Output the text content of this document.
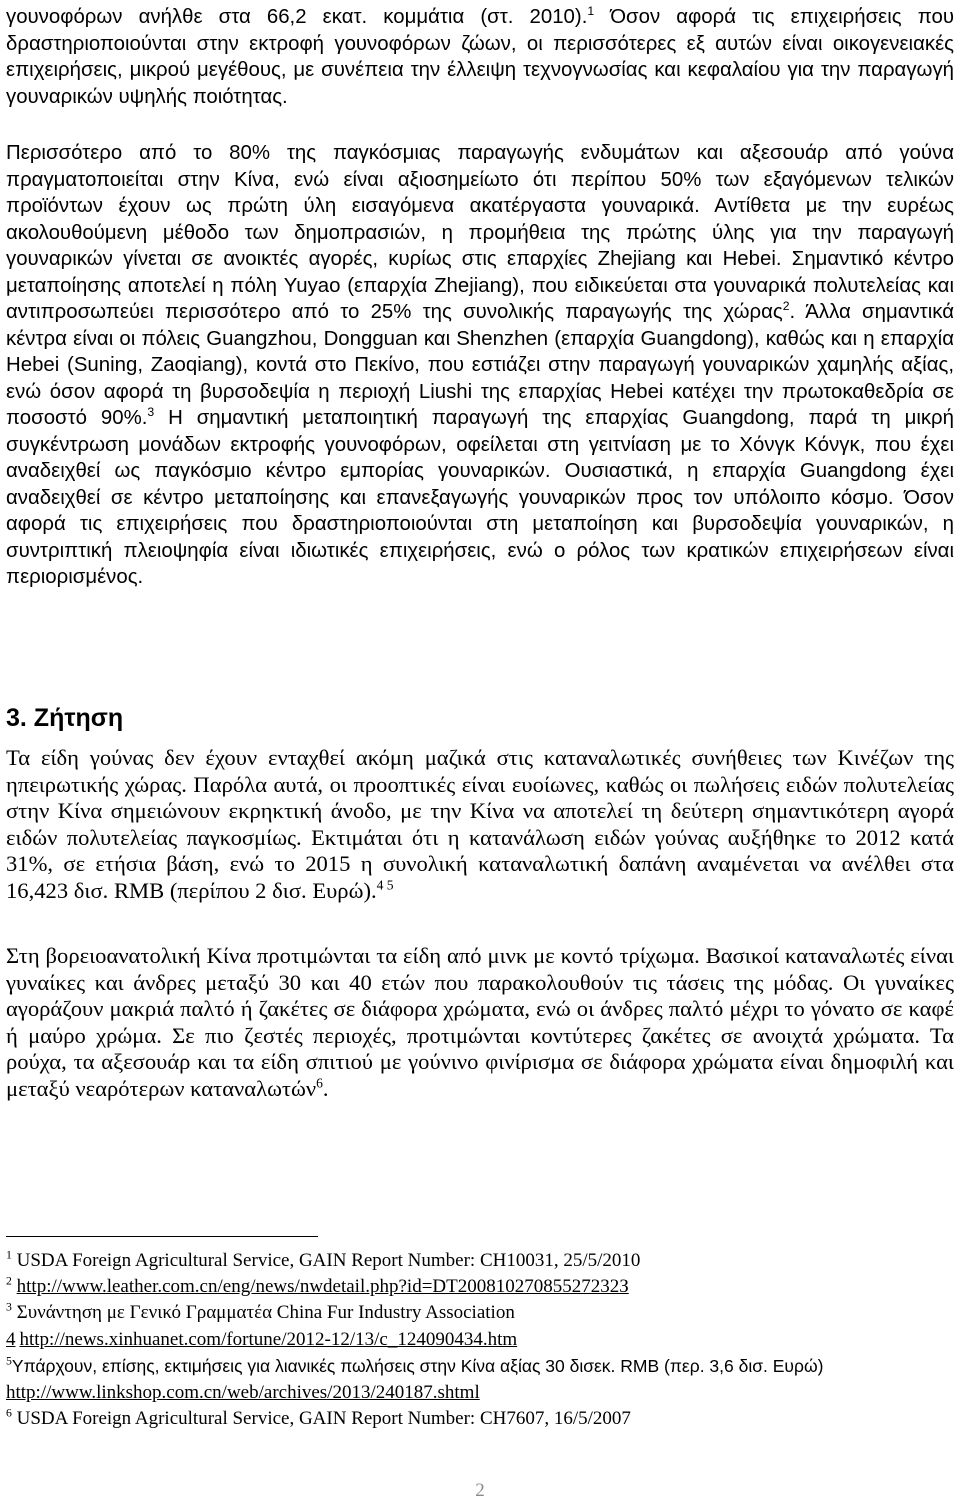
γουνοφόρων ανήλθε στα 66,2 εκατ. κομμάτια (στ. 2010).$^1$ Όσον αφορά τις επιχειρήσεις που δραστηριοποιούνται στην εκτροφή γουνοφόρων ζώων, οι περισσότερες εξ αυτών είναι οικογενειακές επιχειρήσεις, μικρού μεγέθους, με συνέπεια την έλλειψη τεχνογνωσίας και κεφαλαίου για την παραγωγή γουναρικών υψηλής ποιότητας.

Περισσότερο από το 80% της παγκόσμιας παραγωγής ενδυμάτων και αξεσουάρ από γούνα πραγματοποιείται στην Κίνα, ενώ είναι αξιοσημείωτο ότι περίπου 50% των εξαγόμενων τελικών προϊόντων έχουν ως πρώτη ύλη εισαγόμενα ακατέργαστα γουναρικά. Αντίθετα με την ευρέως ακολουθούμενη μέθοδο των δημοπρασιών, η προμήθεια της πρώτης ύλης για την παραγωγή γουναρικών γίνεται σε ανοικτές αγορές, κυρίως στις επαρχίες Zhejiang και Hebei. Σημαντικό κέντρο μεταποίησης αποτελεί η πόλη Yuyao (επαρχία Zhejiang), που ειδικεύεται στα γουναρικά πολυτελείας και αντιπροσωπεύει περισσότερο από το 25% της συνολικής παραγωγής της χώρας$^2$. Άλλα σημαντικά κέντρα είναι οι πόλεις Guangzhou, Dongguan και Shenzhen (επαρχία Guangdong), καθώς και η επαρχία Hebei (Suning, Zaoqiang), κοντά στο Πεκίνο, που εστιάζει στην παραγωγή γουναρικών χαμηλής αξίας, ενώ όσον αφορά τη βυρσοδεψία η περιοχή Liushi της επαρχίας Hebei κατέχει την πρωτοκαθεδρία σε ποσοστό 90%.$^3$ Η σημαντική μεταποιητική παραγωγή της επαρχίας Guangdong, παρά τη μικρή συγκέντρωση μονάδων εκτροφής γουνοφόρων, οφείλεται στη γειτνίαση με το Χόνγκ Κόνγκ, που έχει αναδειχθεί ως παγκόσμιο κέντρο εμπορίας γουναρικών. Ουσιαστικά, η επαρχία Guangdong έχει αναδειχθεί σε κέντρο μεταποίησης και επανεξαγωγής γουναρικών προς τον υπόλοιπο κόσμο. Όσον αφορά τις επιχειρήσεις που δραστηριοποιούνται στη μεταποίηση και βυρσοδεψία γουναρικών, η συντριπτική πλειοψηφία είναι ιδιωτικές επιχειρήσεις, ενώ ο ρόλος των κρατικών επιχειρήσεων είναι περιορισμένος.

3. Ζήτηση

Τα είδη γούνας δεν έχουν ενταχθεί ακόμη μαζικά στις καταναλωτικές συνήθειες των Κινέζων της ηπειρωτικής χώρας. Παρόλα αυτά, οι προοπτικές είναι ευοίωνες, καθώς οι πωλήσεις ειδών πολυτελείας στην Κίνα σημειώνουν εκρηκτική άνοδο, με την Κίνα να αποτελεί τη δεύτερη σημαντικότερη αγορά ειδών πολυτελείας παγκοσμίως. Εκτιμάται ότι η κατανάλωση ειδών γούνας αυξήθηκε το 2012 κατά 31%, σε ετήσια βάση, ενώ το 2015 η συνολική καταναλωτική δαπάνη αναμένεται να ανέλθει στα 16,423 δισ. RMB (περίπου 2 δισ. Ευρώ).$^{4 5}$

Στη βορειοανατολική Κίνα προτιμώνται τα είδη από μινκ με κοντό τρίχωμα. Βασικοί καταναλωτές είναι γυναίκες και άνδρες μεταξύ 30 και 40 ετών που παρακολουθούν τις τάσεις της μόδας. Οι γυναίκες αγοράζουν μακριά παλτό ή ζακέτες σε διάφορα χρώματα, ενώ οι άνδρες παλτό μέχρι το γόνατο σε καφέ ή μαύρο χρώμα. Σε πιο ζεστές περιοχές, προτιμώνται κοντύτερες ζακέτες σε ανοιχτά χρώματα. Τα ρούχα, τα αξεσουάρ και τα είδη σπιτιού με γούνινο φινίρισμα σε διάφορα χρώματα είναι δημοφιλή και μεταξύ νεαρότερων καταναλωτών$^6$.

$^1$ USDA Foreign Agricultural Service, GAIN Report Number: CH10031, 25/5/2010
$^2$ http://www.leather.com.cn/eng/news/nwdetail.php?id=DT20081027085527232З
$^3$ Συνάντηση με Γενικό Γραμματέα China Fur Industry Association
4 http://news.xinhuanet.com/fortune/2012-12/13/c_124090434.htm
$^5$Υπάρχουν, επίσης, εκτιμήσεις για λιανικές πωλήσεις στην Κίνα αξίας 30 δισεκ. RMB (περ. 3,6 δισ. Ευρώ)
http://www.linkshop.com.cn/web/archives/2013/240187.shtml
$^6$ USDA Foreign Agricultural Service, GAIN Report Number: CH7607, 16/5/2007
2
